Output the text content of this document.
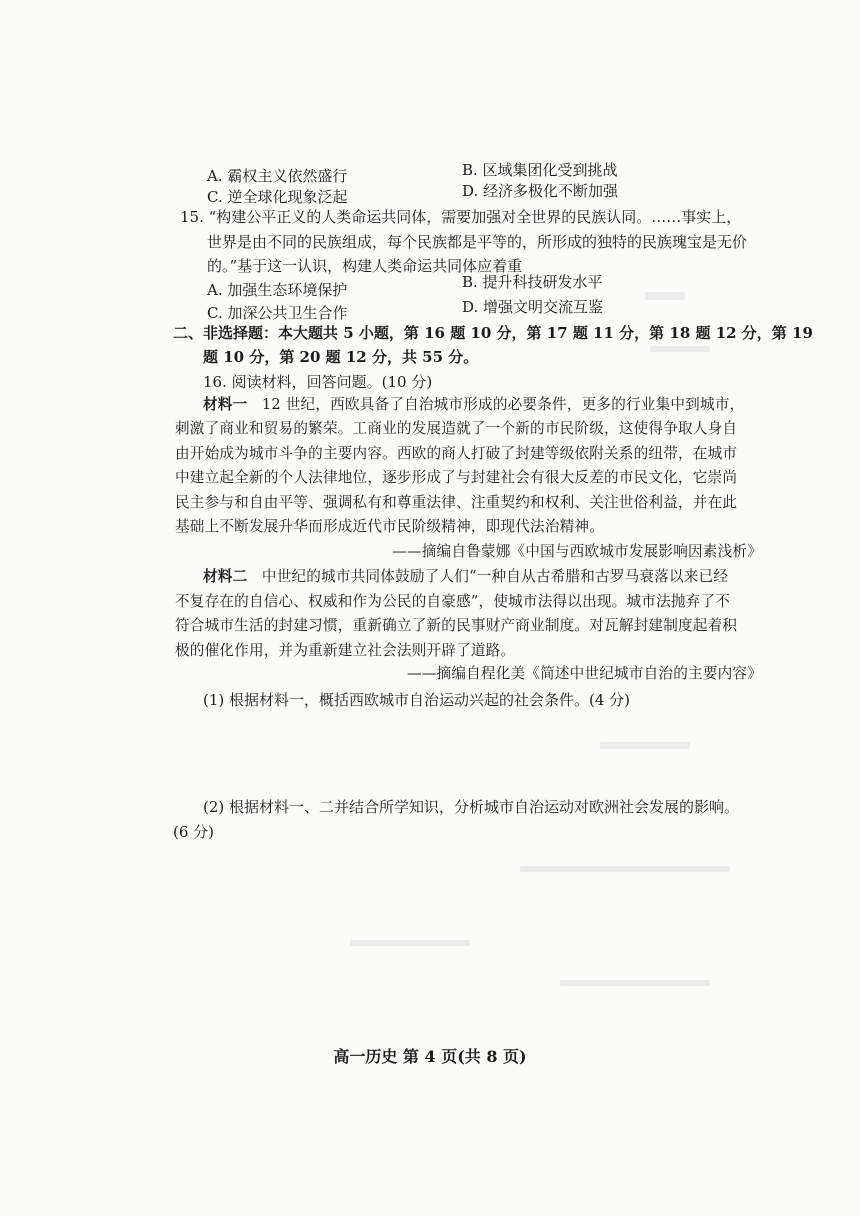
A. 霸权主义依然盛行	B. 区域集团化受到挑战
C. 逆全球化现象泛起	D. 经济多极化不断加强
15. “构建公平正义的人类命运共同体，需要加强对全世界的民族认同。……事实上，
世界是由不同的民族组成，每个民族都是平等的，所形成的独特的民族瑰宝是无价
的。”基于这一认识，构建人类命运共同体应着重
A. 加强生态环境保护	B. 提升科技研发水平
C. 加深公共卫生合作	D. 增强文明交流互鉴
二、非选择题：本大题共 5 小题，第 16 题 10 分，第 17 题 11 分，第 18 题 12 分，第 19
题 10 分，第 20 题 12 分，共 55 分。
16. 阅读材料，回答问题。(10 分)
材料一 12 世纪，西欧具备了自治城市形成的必要条件，更多的行业集中到城市，
刺激了商业和贸易的繁荣。工商业的发展造就了一个新的市民阶级，这使得争取人身自
由开始成为城市斗争的主要内容。西欧的商人打破了封建等级依附关系的纽带，在城市
中建立起全新的个人法律地位，逐步形成了与封建社会有很大反差的市民文化，它崇尚
民主参与和自由平等、强调私有和尊重法律、注重契约和权利、关注世俗利益，并在此
基础上不断发展升华而形成近代市民阶级精神，即现代法治精神。
——摘编自鲁蒙娜《中国与西欧城市发展影响因素浅析》
材料二 中世纪的城市共同体鼓励了人们“一种自从古希腊和古罗马衰落以来已经
不复存在的自信心、权威和作为公民的自豪感”，使城市法得以出现。城市法抛弃了不
符合城市生活的封建习惯，重新确立了新的民事财产商业制度。对瓦解封建制度起着积
极的催化作用，并为重新建立社会法则开辟了道路。
——摘编自程化美《简述中世纪城市自治的主要内容》
(1) 根据材料一，概括西欧城市自治运动兴起的社会条件。(4 分)
(2) 根据材料一、二并结合所学知识，分析城市自治运动对欧洲社会发展的影响。
(6 分)
高一历史 第 4 页(共 8 页)
